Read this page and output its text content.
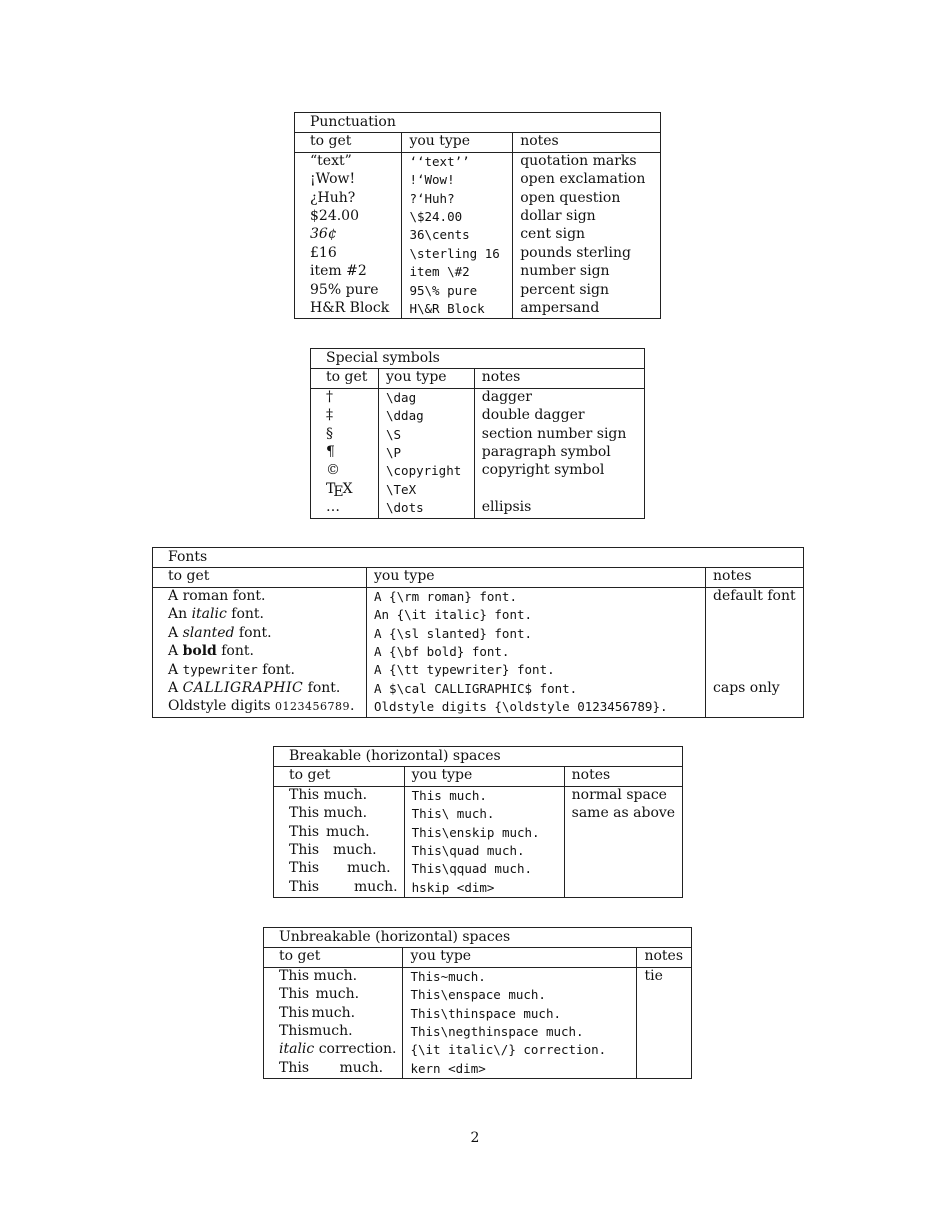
Punctuation		
to get	you type	notes
“text”	‘‘text’’	quotation marks
¡Wow!	!‘Wow!	open exclamation
¿Huh?	?‘Huh?	open question
$24.00	\$24.00	dollar sign
36¢	36\cents	cent sign
£16	\sterling 16	pounds sterling
item #2	item \#2	number sign
95% pure	95\% pure	percent sign
H&R Block	H\&R Block	ampersand
Special symbols		
to get	you type	notes
†	\dag	dagger
‡	\ddag	double dagger
§	\S	section number sign
¶	\P	paragraph symbol
©	\copyright	copyright symbol
TEX	\TeX	
…	\dots	ellipsis
Fonts		
to get	you type	notes
A roman font.	A {\rm roman} font.	default font
An italic font.	An {\it italic} font.	
A slanted font.	A {\sl slanted} font.	
A bold font.	A {\bf bold} font.	
A typewriter font.	A {\tt typewriter} font.	
A CALLIGRAPHIC font.	A $\cal CALLIGRAPHIC$ font.	caps only
Oldstyle digits 0123456789.	Oldstyle digits {\oldstyle 0123456789}.	
Breakable (horizontal) spaces		
to get	you type	notes
This much.	This much.	normal space
This much.	This\ much.	same as above
This much.	This\enskip much.	
This much.	This\quad much.	
This much.	This\qquad much.	
This much.	hskip <dim>	
Unbreakable (horizontal) spaces		
to get	you type	notes
This much.	This~much.	tie
This much.	This\enspace much.	
This much.	This\thinspace much.	
Thismuch.	This\negthinspace much.	
italic correction.	{\it italic\/} correction.	
This much.	kern <dim>	
2
